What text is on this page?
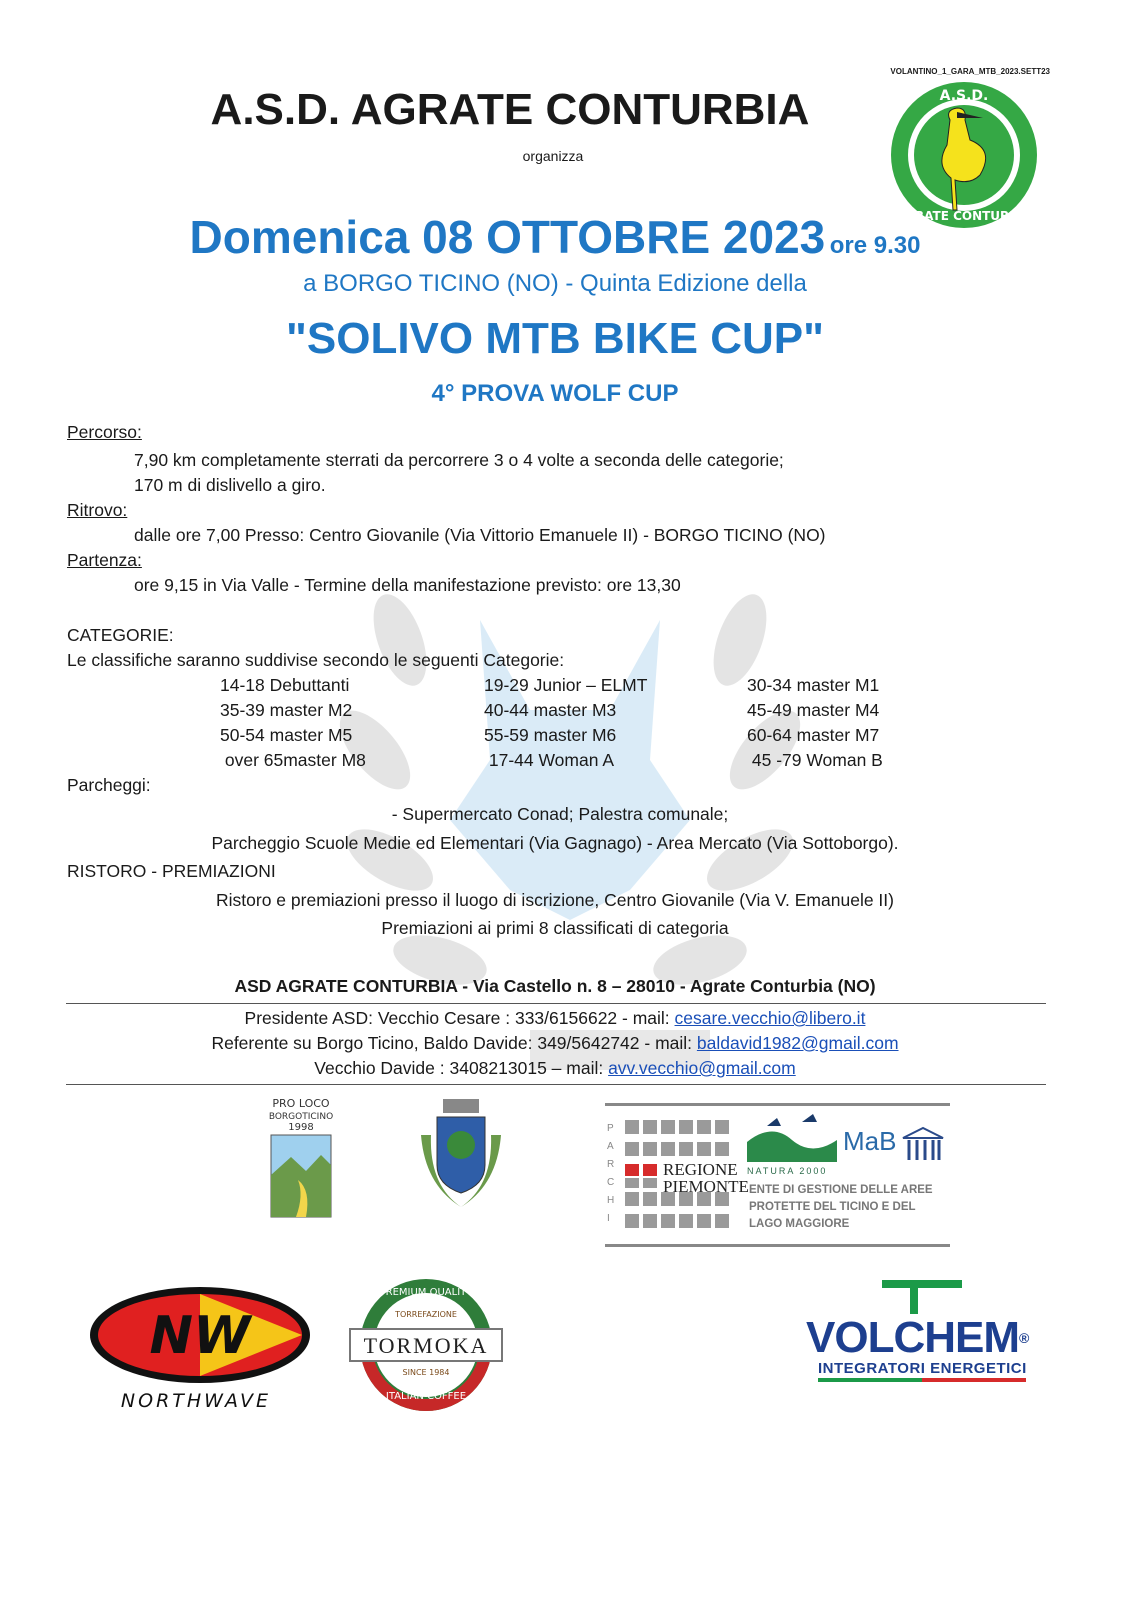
VOLANTINO_1_GARA_MTB_2023.SETT23
A.S.D.
AGRATE CONTURBIA
A.S.D. AGRATE CONTURBIA
organizza
Domenica 08 OTTOBRE 2023 ore 9.30
a BORGO TICINO (NO) - Quinta Edizione della
"SOLIVO MTB BIKE CUP"
4° PROVA WOLF CUP
Percorso:
7,90 km completamente sterrati da percorrere 3 o 4 volte a seconda delle categorie;
170 m di dislivello a giro.
Ritrovo:
dalle ore 7,00 Presso: Centro Giovanile (Via Vittorio Emanuele II) - BORGO TICINO (NO)
Partenza:
ore 9,15 in Via Valle - Termine della manifestazione previsto: ore 13,30
CATEGORIE:
Le classifiche saranno suddivise secondo le seguenti Categorie:
14-18 Debuttanti	19-29 Junior – ELMT	30-34 master M1
35-39 master M2	40-44 master M3	45-49 master M4
50-54 master M5	55-59 master M6	60-64 master M7
over 65master M8	17-44 Woman A	45 -79 Woman B
Parcheggi:
- Supermercato Conad; Palestra comunale;
Parcheggio Scuole Medie ed Elementari (Via Gagnago) - Area Mercato (Via Sottoborgo).
RISTORO - PREMIAZIONI
Ristoro e premiazioni presso il luogo di iscrizione, Centro Giovanile (Via V. Emanuele II)
Premiazioni ai primi 8 classificati di categoria
ASD AGRATE CONTURBIA - Via Castello n. 8 – 28010 - Agrate Conturbia (NO)
Presidente ASD: Vecchio Cesare : 333/6156622 - mail: cesare.vecchio@libero.it
Referente su Borgo Ticino, Baldo Davide: 349/5642742 - mail: baldavid1982@gmail.com
Vecchio Davide : 3408213015 – mail: avv.vecchio@gmail.com
PRO LOCO
BORGOTICINO
1998	PARCHI
REGIONE
PIEMONTE
NATURA 2000
MaB
ENTE DI GESTIONE DELLE AREE
PROTETTE DEL TICINO E DEL
LAGO MAGGIORE
NW
NORTHWAVE
TORMOKA
PREMIUM QUALITY
TORREFAZIONE
SINCE 1984
ITALIAN COFFEE
VOLCHEM®
INTEGRATORI ENERGETICI
